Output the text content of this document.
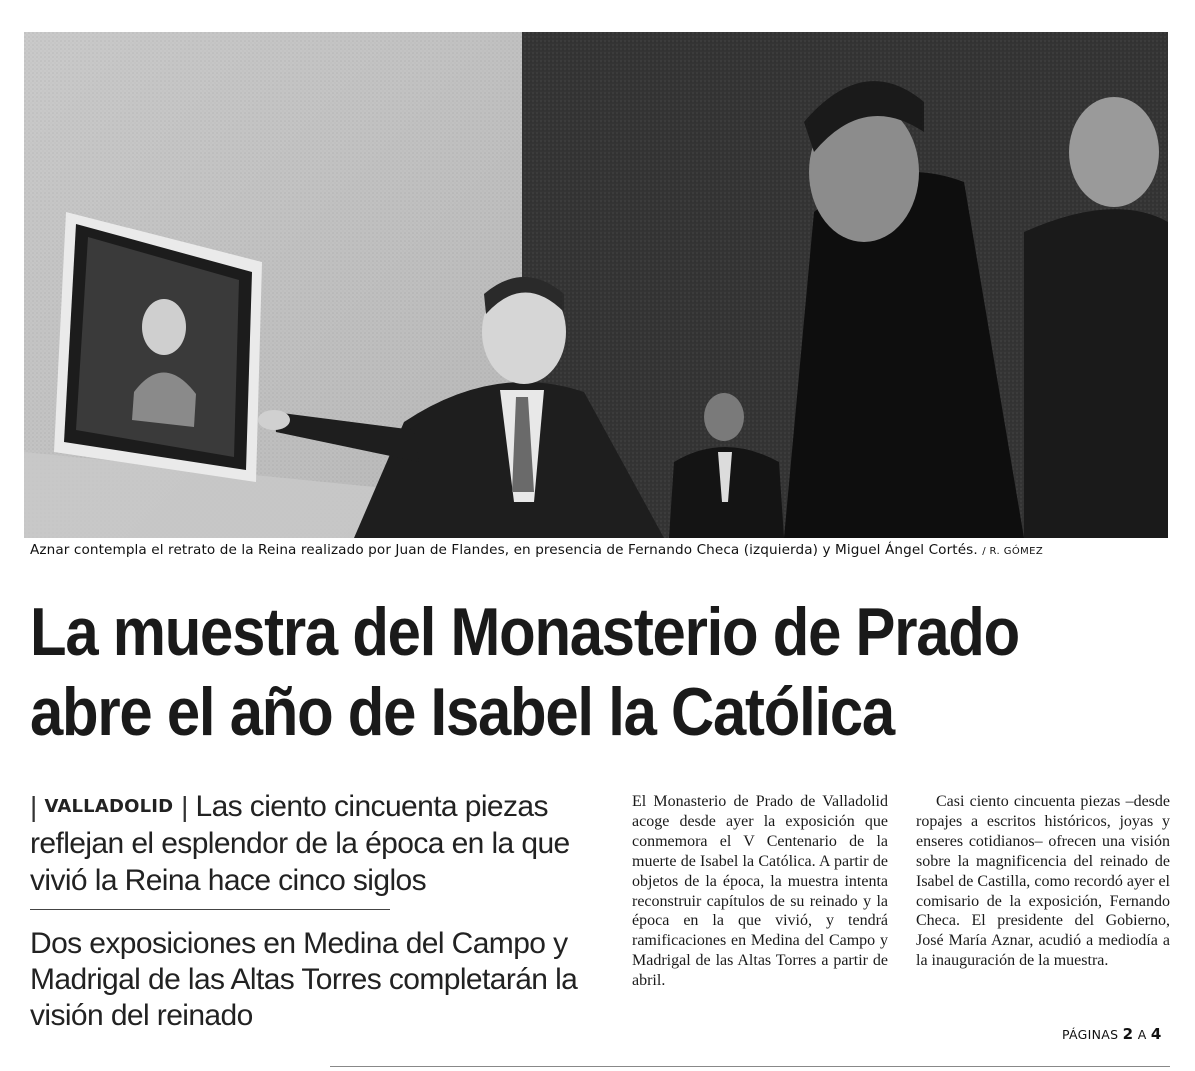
Aznar contempla el retrato de la Reina realizado por Juan de Flandes, en presencia de Fernando Checa (izquierda) y Miguel Ángel Cortés. / R. GÓMEZ
La muestra del Monasterio de Prado
abre el año de Isabel la Católica
| VALLADOLID | Las ciento cincuenta piezas reflejan el esplendor de la época en la que vivió la Reina hace cinco siglos
Dos exposiciones en Medina del Campo y Madrigal de las Altas Torres completarán la visión del reinado
El Monasterio de Prado de Valladolid acoge desde ayer la exposición que conmemora el V Centenario de la muerte de Isabel la Católica. A partir de objetos de la época, la muestra intenta reconstruir capítulos de su reinado y la época en la que vivió, y tendrá ramificaciones en Medina del Campo y Madrigal de las Altas Torres a partir de abril.
Casi ciento cincuenta piezas –desde ropajes a escritos históricos, joyas y enseres cotidianos– ofrecen una visión sobre la magnificencia del reinado de Isabel de Castilla, como recordó ayer el comisario de la exposición, Fernando Checa. El presidente del Gobierno, José María Aznar, acudió a mediodía a la inauguración de la muestra.
PÁGINAS 2 A 4
